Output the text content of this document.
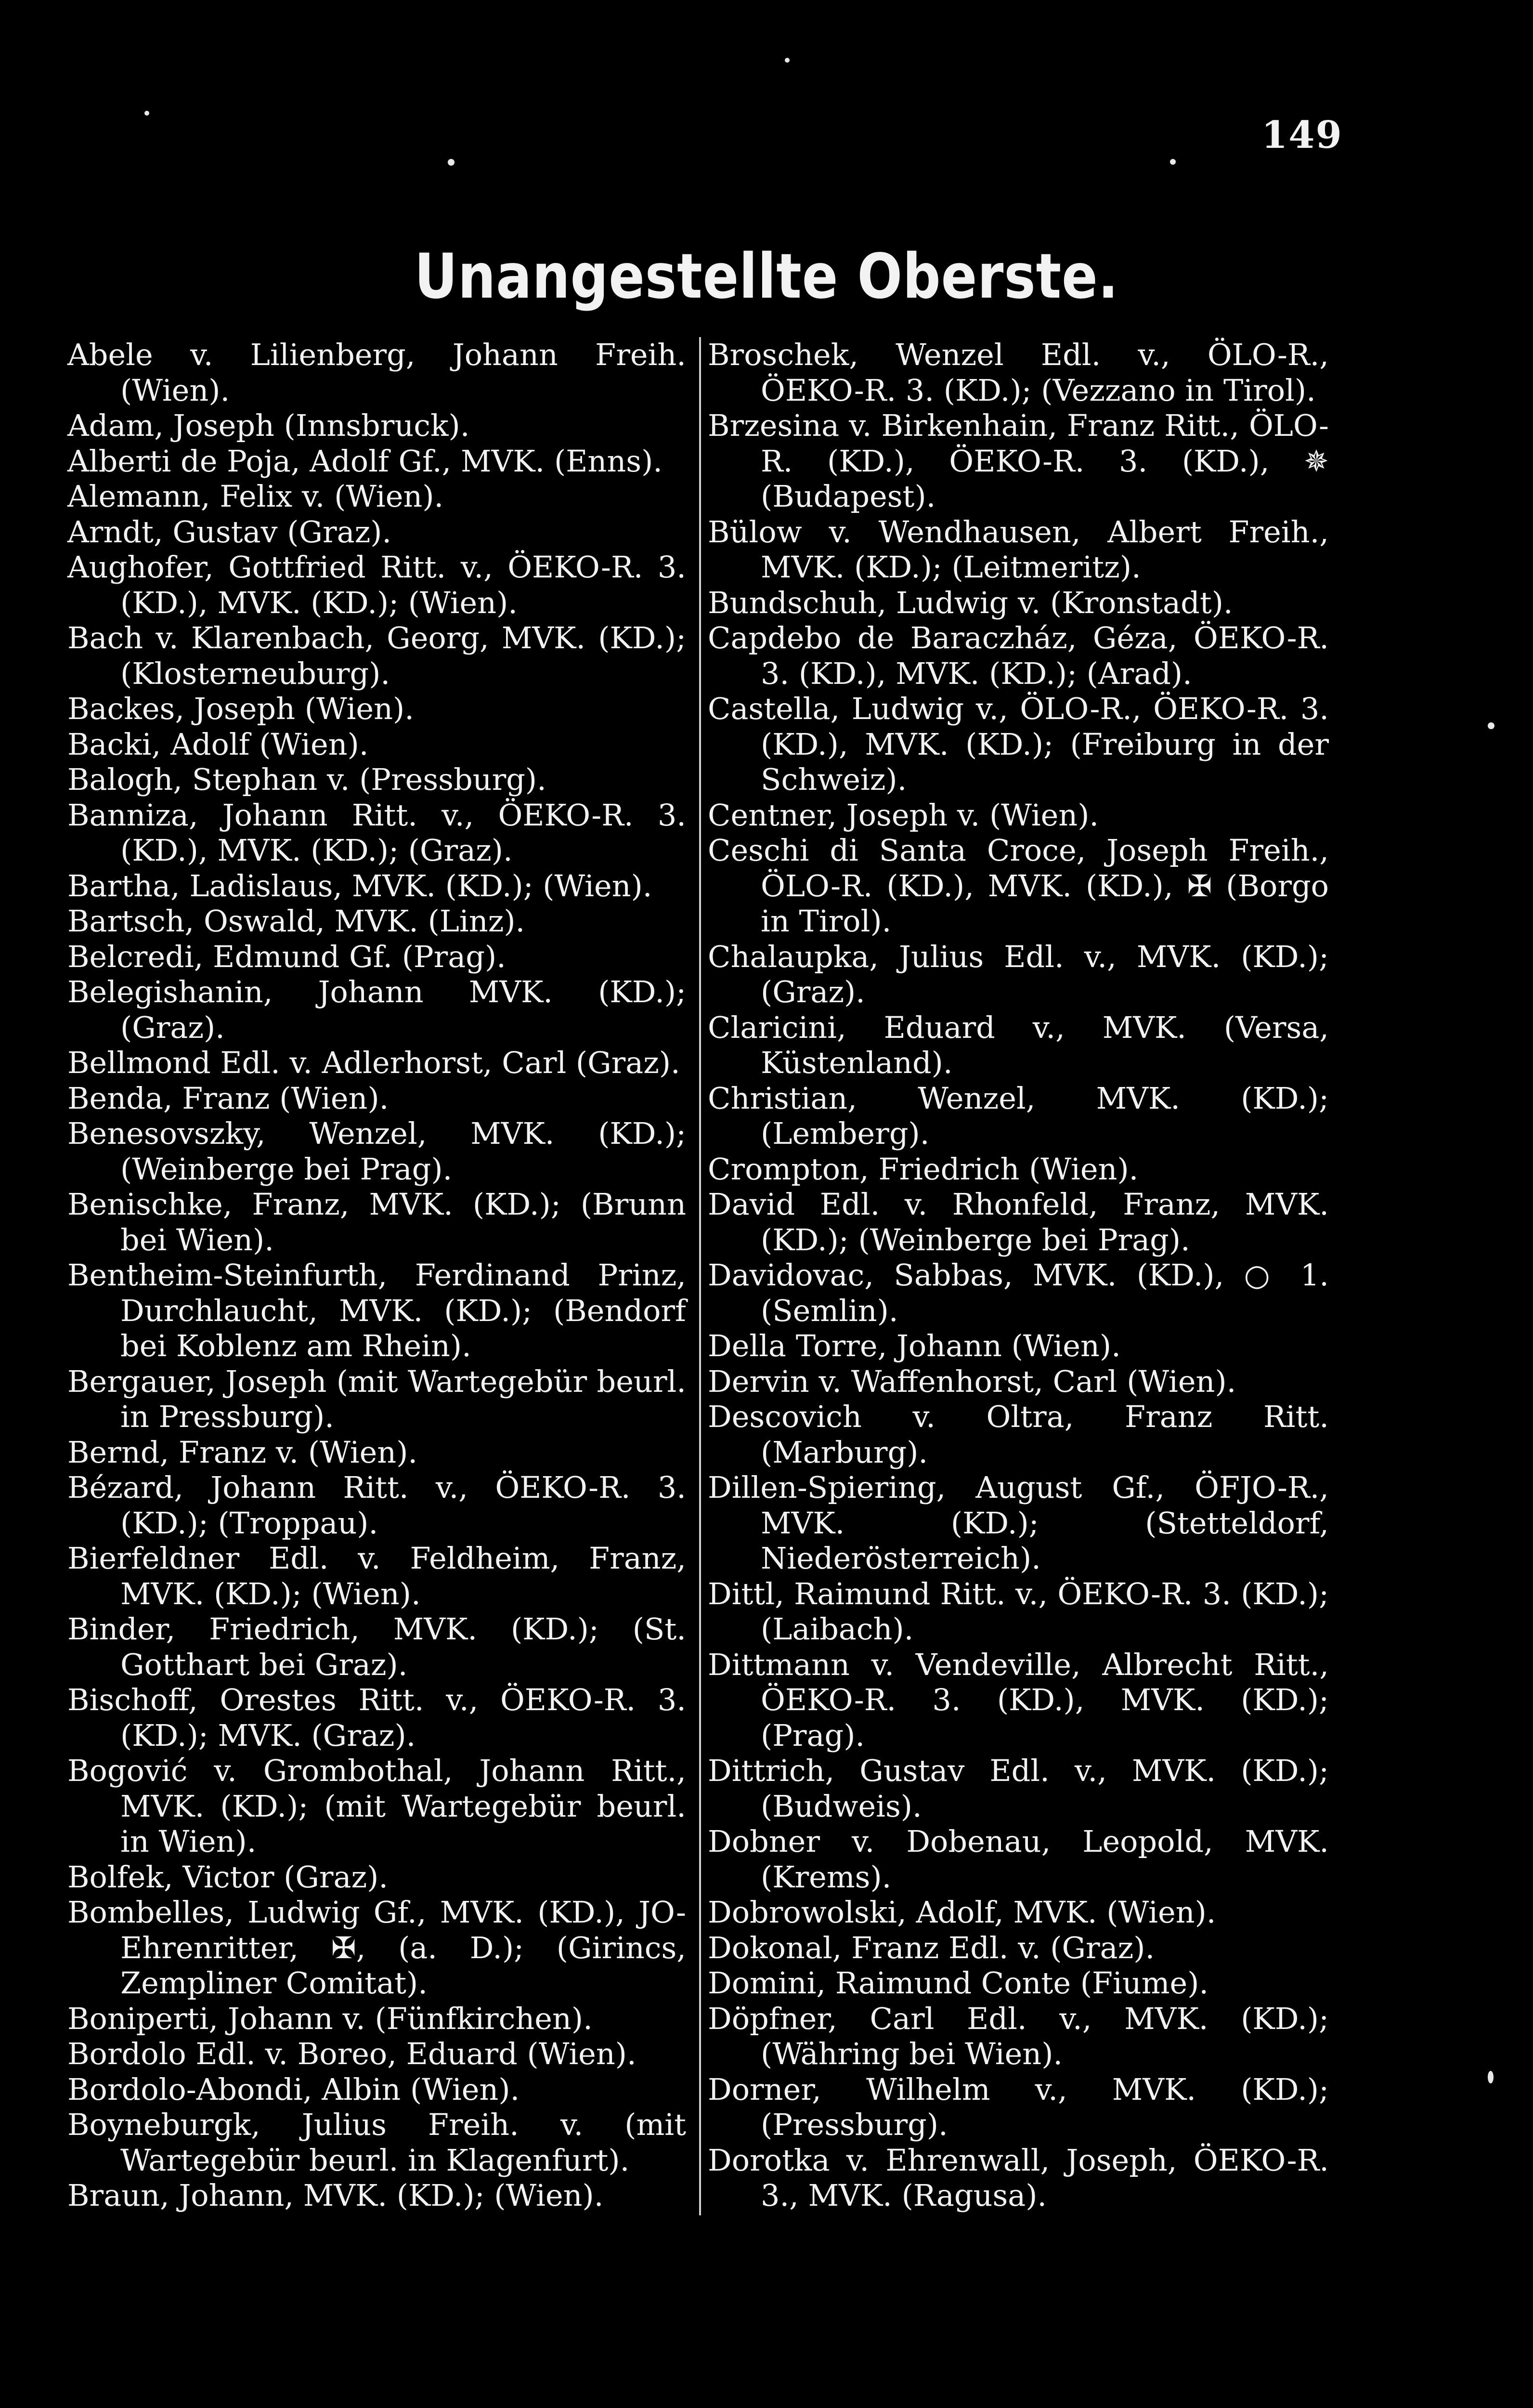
149
Unangestellte Oberste.
Abele v. Lilienberg, Johann Freih. (Wien).
Adam, Joseph (Innsbruck).
Alberti de Poja, Adolf Gf., MVK. (Enns).
Alemann, Felix v. (Wien).
Arndt, Gustav (Graz).
Aughofer, Gottfried Ritt. v., ÖEKO-R. 3. (KD.), MVK. (KD.); (Wien).
Bach v. Klarenbach, Georg, MVK. (KD.); (Klosterneuburg).
Backes, Joseph (Wien).
Backi, Adolf (Wien).
Balogh, Stephan v. (Pressburg).
Banniza, Johann Ritt. v., ÖEKO-R. 3. (KD.), MVK. (KD.); (Graz).
Bartha, Ladislaus, MVK. (KD.); (Wien).
Bartsch, Oswald, MVK. (Linz).
Belcredi, Edmund Gf. (Prag).
Belegishanin, Johann MVK. (KD.); (Graz).
Bellmond Edl. v. Adlerhorst, Carl (Graz).
Benda, Franz (Wien).
Benesovszky, Wenzel, MVK. (KD.); (Weinberge bei Prag).
Benischke, Franz, MVK. (KD.); (Brunn bei Wien).
Bentheim-Steinfurth, Ferdinand Prinz, Durchlaucht, MVK. (KD.); (Bendorf bei Koblenz am Rhein).
Bergauer, Joseph (mit Wartegebür beurl. in Pressburg).
Bernd, Franz v. (Wien).
Bézard, Johann Ritt. v., ÖEKO-R. 3. (KD.); (Troppau).
Bierfeldner Edl. v. Feldheim, Franz, MVK. (KD.); (Wien).
Binder, Friedrich, MVK. (KD.); (St. Gotthart bei Graz).
Bischoff, Orestes Ritt. v., ÖEKO-R. 3. (KD.); MVK. (Graz).
Bogović v. Grombothal, Johann Ritt., MVK. (KD.); (mit Wartegebür beurl. in Wien).
Bolfek, Victor (Graz).
Bombelles, Ludwig Gf., MVK. (KD.), JO-Ehrenritter, ✠, (a. D.); (Girincs, Zempliner Comitat).
Boniperti, Johann v. (Fünfkirchen).
Bordolo Edl. v. Boreo, Eduard (Wien).
Bordolo-Abondi, Albin (Wien).
Boyneburgk, Julius Freih. v. (mit Wartegebür beurl. in Klagenfurt).
Braun, Johann, MVK. (KD.); (Wien).
Broschek, Wenzel Edl. v., ÖLO-R., ÖEKO-R. 3. (KD.); (Vezzano in Tirol).
Brzesina v. Birkenhain, Franz Ritt., ÖLO-R. (KD.), ÖEKO-R. 3. (KD.), ✵ (Budapest).
Bülow v. Wendhausen, Albert Freih., MVK. (KD.); (Leitmeritz).
Bundschuh, Ludwig v. (Kronstadt).
Capdebo de Baraczház, Géza, ÖEKO-R. 3. (KD.), MVK. (KD.); (Arad).
Castella, Ludwig v., ÖLO-R., ÖEKO-R. 3. (KD.), MVK. (KD.); (Freiburg in der Schweiz).
Centner, Joseph v. (Wien).
Ceschi di Santa Croce, Joseph Freih., ÖLO-R. (KD.), MVK. (KD.), ✠ (Borgo in Tirol).
Chalaupka, Julius Edl. v., MVK. (KD.); (Graz).
Claricini, Eduard v., MVK. (Versa, Küstenland).
Christian, Wenzel, MVK. (KD.); (Lemberg).
Crompton, Friedrich (Wien).
David Edl. v. Rhonfeld, Franz, MVK. (KD.); (Weinberge bei Prag).
Davidovac, Sabbas, MVK. (KD.), ○ 1. (Semlin).
Della Torre, Johann (Wien).
Dervin v. Waffenhorst, Carl (Wien).
Descovich v. Oltra, Franz Ritt. (Marburg).
Dillen-Spiering, August Gf., ÖFJO-R., MVK. (KD.); (Stetteldorf, Niederösterreich).
Dittl, Raimund Ritt. v., ÖEKO-R. 3. (KD.); (Laibach).
Dittmann v. Vendeville, Albrecht Ritt., ÖEKO-R. 3. (KD.), MVK. (KD.); (Prag).
Dittrich, Gustav Edl. v., MVK. (KD.); (Budweis).
Dobner v. Dobenau, Leopold, MVK. (Krems).
Dobrowolski, Adolf, MVK. (Wien).
Dokonal, Franz Edl. v. (Graz).
Domini, Raimund Conte (Fiume).
Döpfner, Carl Edl. v., MVK. (KD.); (Währing bei Wien).
Dorner, Wilhelm v., MVK. (KD.); (Pressburg).
Dorotka v. Ehrenwall, Joseph, ÖEKO-R. 3., MVK. (Ragusa).
